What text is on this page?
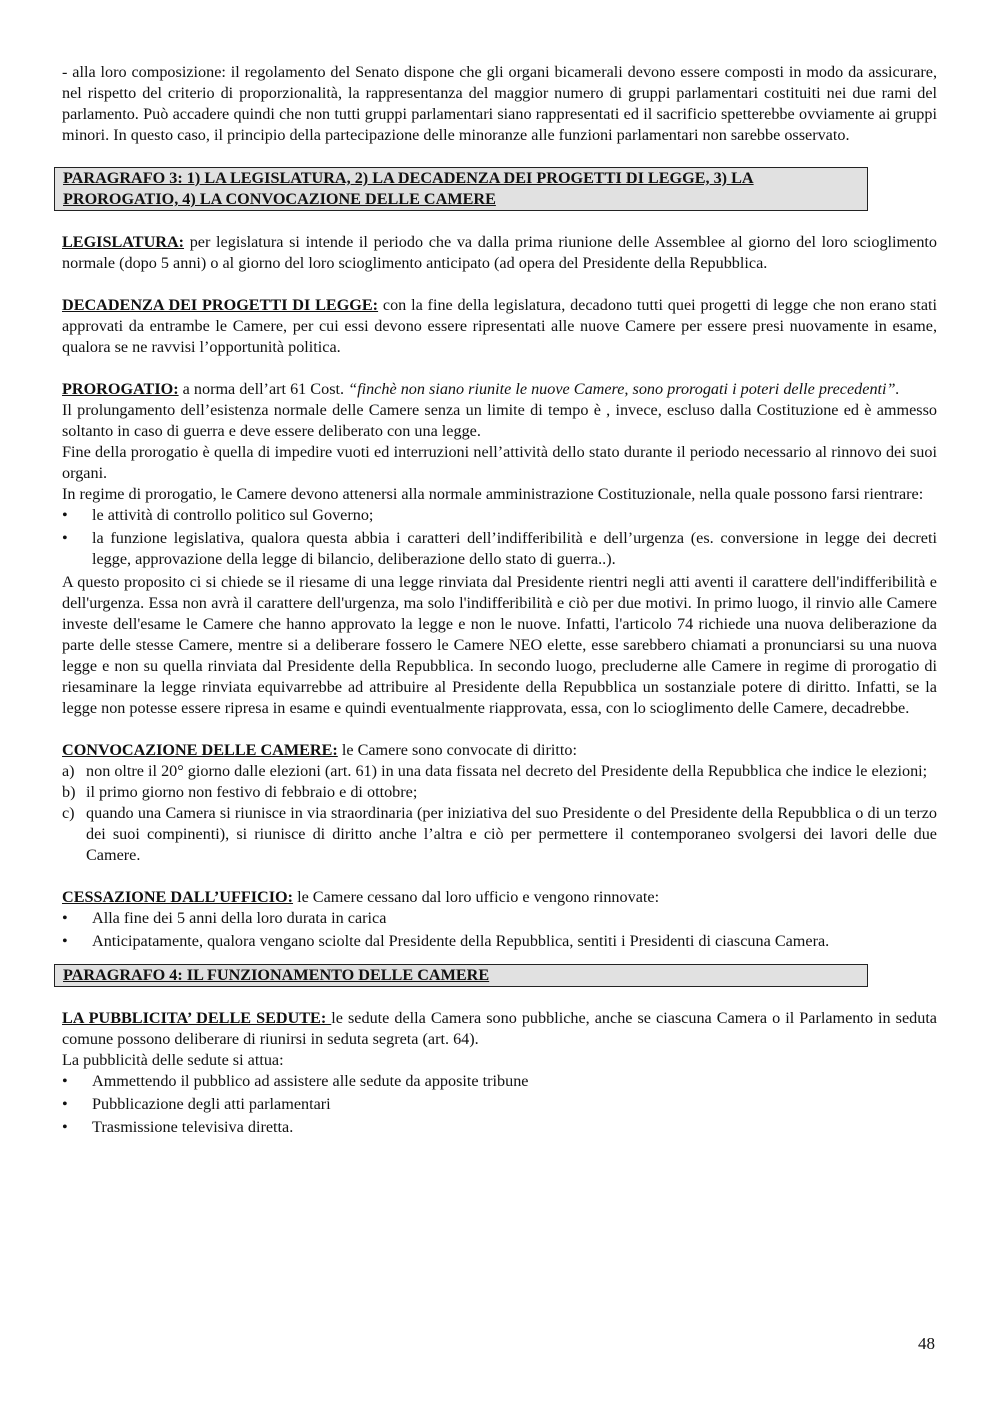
- alla loro composizione: il regolamento del Senato dispone che gli organi bicamerali devono essere composti in modo da assicurare, nel rispetto del criterio di proporzionalità, la rappresentanza del maggior numero di gruppi parlamentari costituiti nei due rami del parlamento. Può accadere quindi che non tutti gruppi parlamentari siano rappresentati ed il sacrificio spetterebbe ovviamente ai gruppi minori. In questo caso, il principio della partecipazione delle minoranze alle funzioni parlamentari non sarebbe osservato.

PARAGRAFO 3: 1) LA LEGISLATURA, 2) LA DECADENZA DEI PROGETTI DI LEGGE, 3) LA
PROROGATIO, 4) LA CONVOCAZIONE DELLE CAMERE

LEGISLATURA: per legislatura si intende il periodo che va dalla prima riunione delle Assemblee al giorno del loro scioglimento normale (dopo 5 anni) o al giorno del loro scioglimento anticipato (ad opera del Presidente della Repubblica.

DECADENZA DEI PROGETTI DI LEGGE: con la fine della legislatura, decadono tutti quei progetti di legge che non erano stati approvati da entrambe le Camere, per cui essi devono essere ripresentati alle nuove Camere per essere presi nuovamente in esame, qualora se ne ravvisi l’opportunità politica.

PROROGATIO: a norma dell’art 61 Cost. “finchè non siano riunite le nuove Camere, sono prorogati i poteri delle precedenti”.

Il prolungamento dell’esistenza normale delle Camere senza un limite di tempo è , invece, escluso dalla Costituzione ed è ammesso soltanto in caso di guerra e deve essere deliberato con una legge.

Fine della prorogatio è quella di impedire vuoti ed interruzioni nell’attività dello stato durante il periodo necessario al rinnovo dei suoi organi.

In regime di prorogatio, le Camere devono attenersi alla normale amministrazione Costituzionale, nella quale possono farsi rientrare:

• le attività di controllo politico sul Governo;
• la funzione legislativa, qualora questa abbia i caratteri dell’indifferibilità e dell’urgenza (es. conversione in legge dei decreti legge, approvazione della legge di bilancio, deliberazione dello stato di guerra..).

A questo proposito ci si chiede se il riesame di una legge rinviata dal Presidente rientri negli atti aventi il carattere dell'indifferibilità e dell'urgenza. Essa non avrà il carattere dell'urgenza, ma solo l'indifferibilità e ciò per due motivi. In primo luogo, il rinvio alle Camere investe dell'esame le Camere che hanno approvato la legge e non le nuove. Infatti, l'articolo 74 richiede una nuova deliberazione da parte delle stesse Camere, mentre si a deliberare fossero le Camere NEO elette, esse sarebbero chiamati a pronunciarsi su una nuova legge e non su quella rinviata dal Presidente della Repubblica. In secondo luogo, precluderne alle Camere in regime di prorogatio di riesaminare la legge rinviata equivarrebbe ad attribuire al Presidente della Repubblica un sostanziale potere di diritto. Infatti, se la legge non potesse essere ripresa in esame e quindi eventualmente riapprovata, essa, con lo scioglimento delle Camere, decadrebbe.

CONVOCAZIONE DELLE CAMERE: le Camere sono convocate di diritto:

a) non oltre il 20° giorno dalle elezioni (art. 61) in una data fissata nel decreto del Presidente della Repubblica che indice le elezioni;
b) il primo giorno non festivo di febbraio e di ottobre;
c) quando una Camera si riunisce in via straordinaria (per iniziativa del suo Presidente o del Presidente della Repubblica o di un terzo dei suoi compinenti), si riunisce di diritto anche l’altra e ciò per permettere il contemporaneo svolgersi dei lavori delle due Camere.

CESSAZIONE DALL’UFFICIO: le Camere cessano dal loro ufficio e vengono rinnovate:

• Alla fine dei 5 anni della loro durata in carica
• Anticipatamente, qualora vengano sciolte dal Presidente della Repubblica, sentiti i Presidenti di ciascuna Camera.
PARAGRAFO 4: IL FUNZIONAMENTO DELLE CAMERE

LA PUBBLICITA’ DELLE SEDUTE: le sedute della Camera sono pubbliche, anche se ciascuna Camera o il Parlamento in seduta comune possono deliberare di riunirsi in seduta segreta (art. 64).

La pubblicità delle sedute si attua:

• Ammettendo il pubblico ad assistere alle sedute da apposite tribune
• Pubblicazione degli atti parlamentari
• Trasmissione televisiva diretta.
48
